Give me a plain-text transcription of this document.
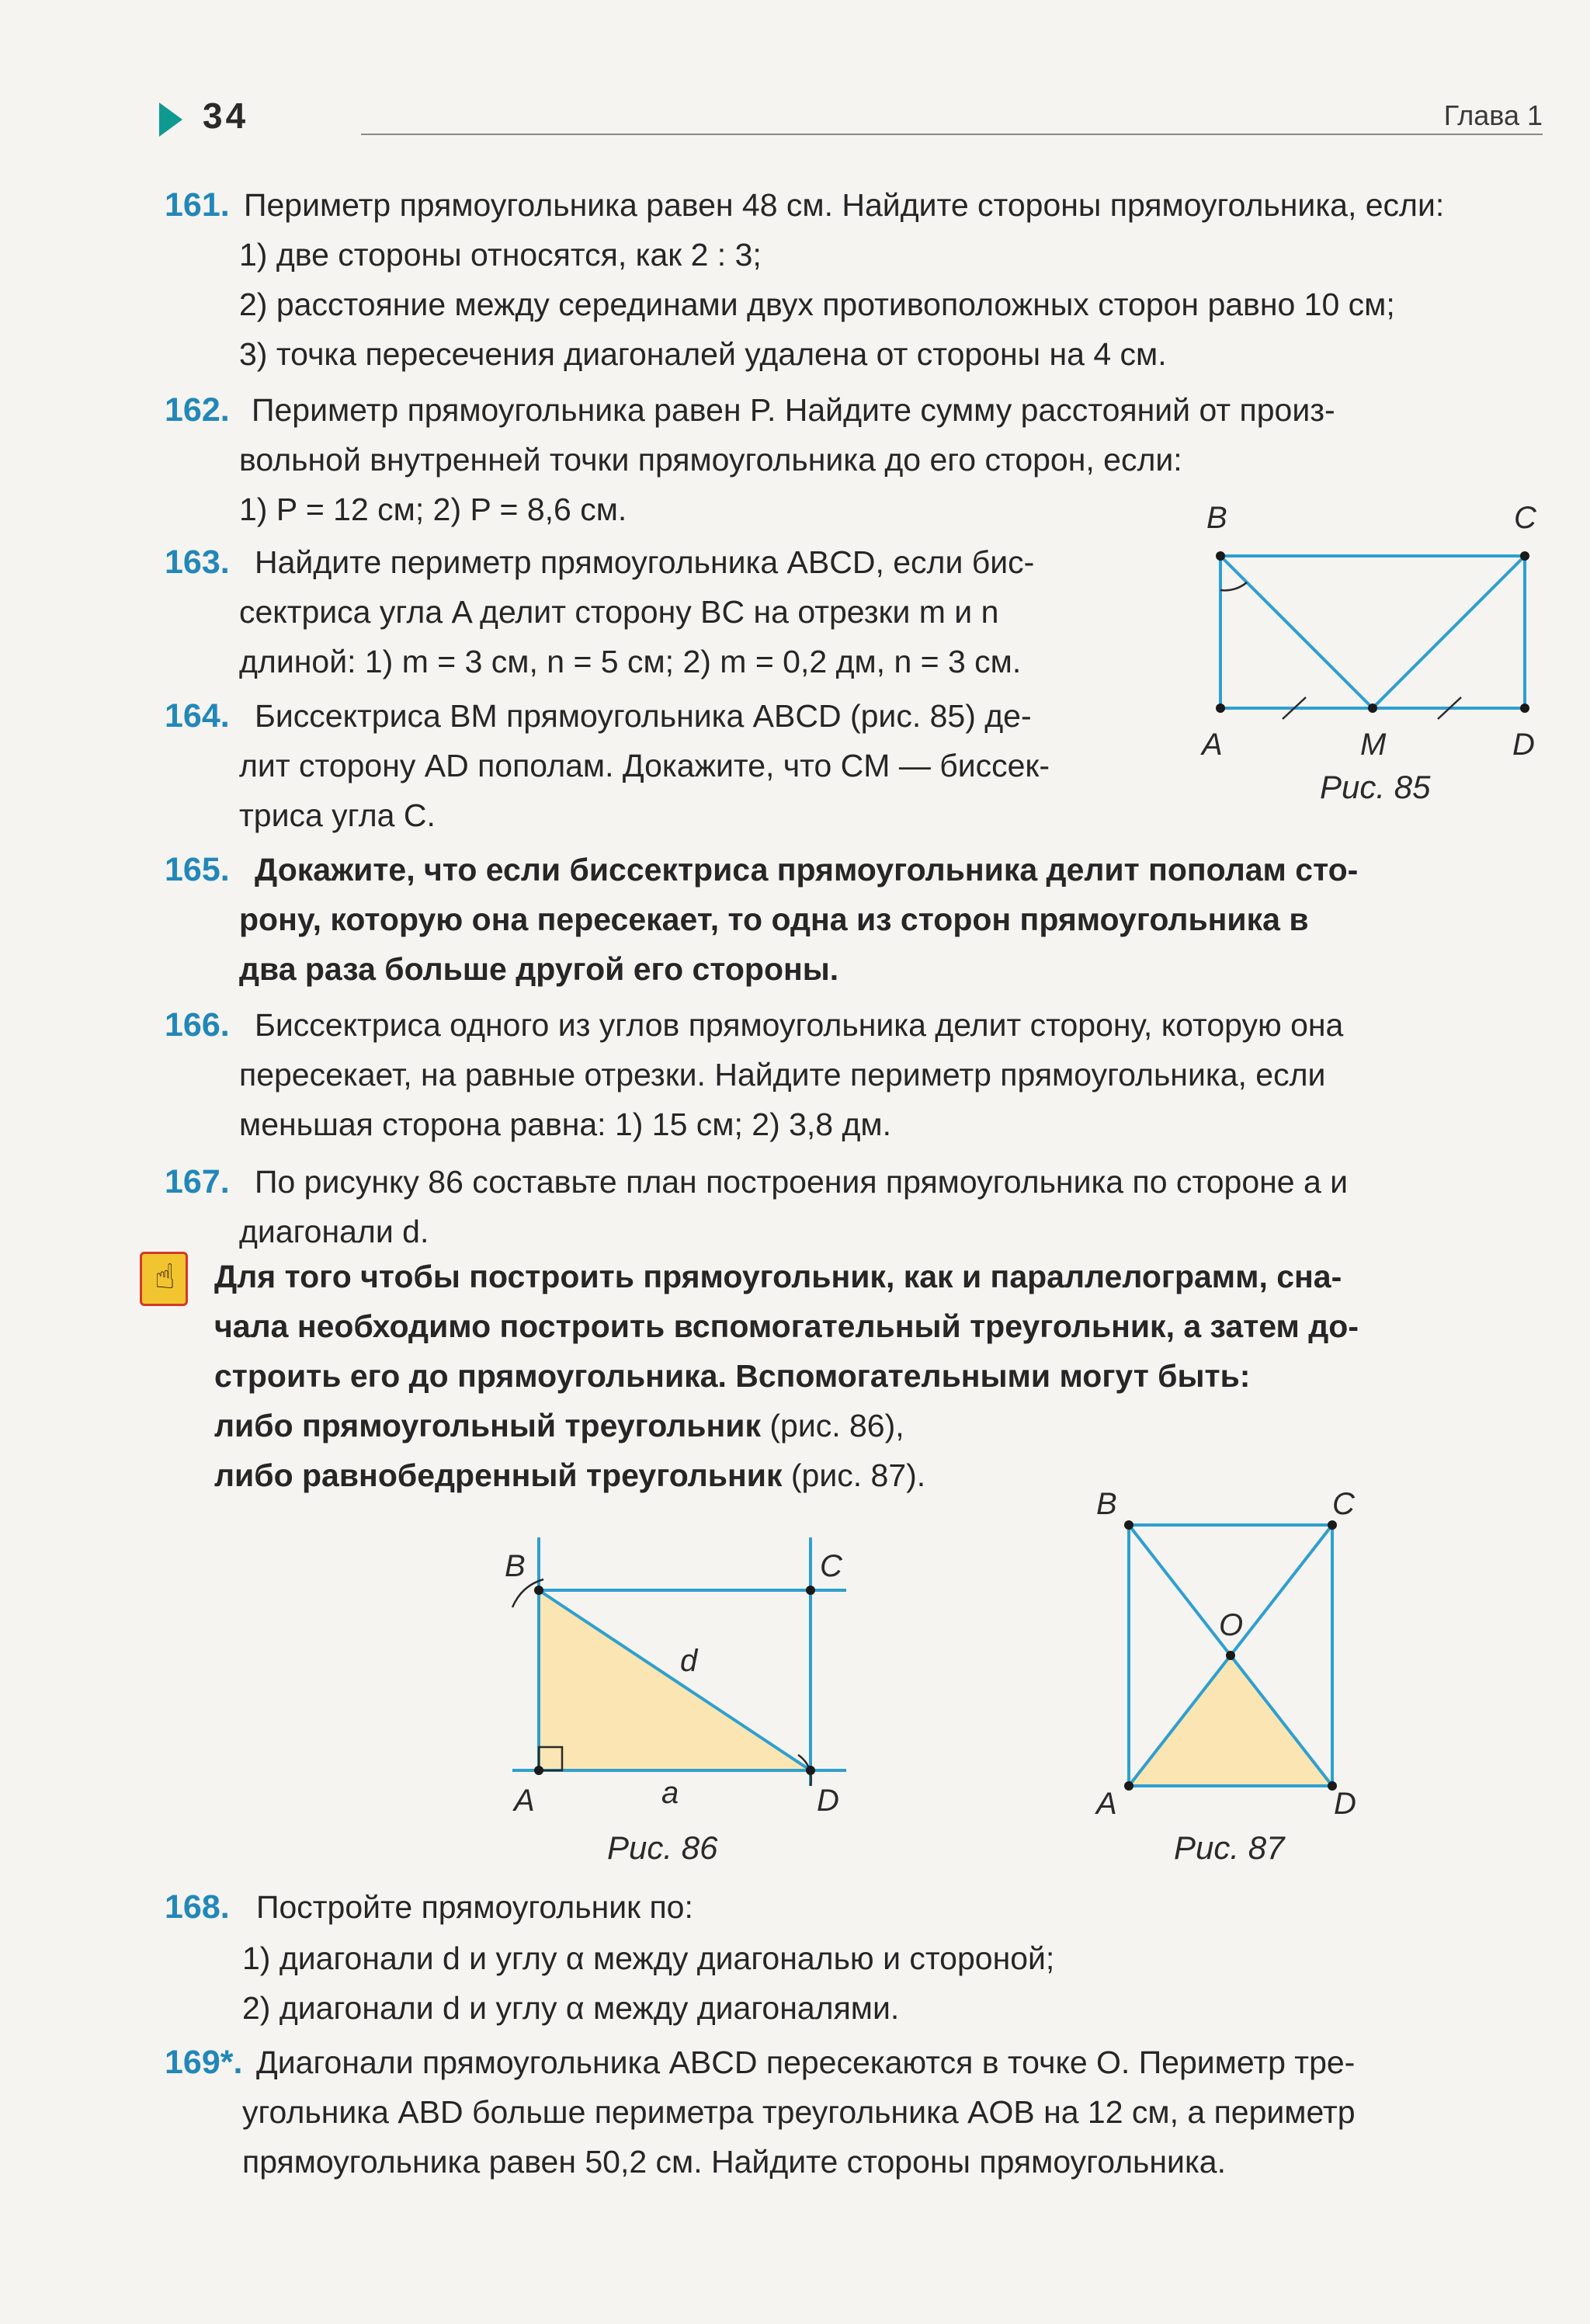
34	Глава 1
161. Периметр прямоугольника равен 48 см. Найдите стороны прямоугольника, если:
1) две стороны относятся, как 2 : 3;
2) расстояние между серединами двух противоположных сторон равно 10 см;
3) точка пересечения диагоналей удалена от стороны на 4 см.
162. Периметр прямоугольника равен P. Найдите сумму расстояний от произ-
вольной внутренней точки прямоугольника до его сторон, если:
1) P = 12 см; 2) P = 8,6 см.
163. Найдите периметр прямоугольника ABCD, если бис-
сектриса угла A делит сторону BC на отрезки m и n
длиной: 1) m = 3 см, n = 5 см; 2) m = 0,2 дм, n = 3 см.
164. Биссектриса BM прямоугольника ABCD (рис. 85) де-
лит сторону AD пополам. Докажите, что CM — биссек-
триса угла C.
B	C
A	D
M
Рис. 85
165. Докажите, что если биссектриса прямоугольника делит пополам сто-
рону, которую она пересекает, то одна из сторон прямоугольника в
два раза больше другой его стороны.
166. Биссектриса одного из углов прямоугольника делит сторону, которую она
пересекает, на равные отрезки. Найдите периметр прямоугольника, если
меньшая сторона равна: 1) 15 см; 2) 3,8 дм.
167. По рисунку 86 составьте план построения прямоугольника по стороне a и
диагонали d.
☝ Для того чтобы построить прямоугольник, как и параллелограмм, сна-
чала необходимо построить вспомогательный треугольник, а затем до-
строить его до прямоугольника. Вспомогательными могут быть:
либо прямоугольный треугольник (рис. 86),
либо равнобедренный треугольник (рис. 87).
B	C
A	D
d
a
Рис. 86
B	C
A	D
O
Рис. 87
168. Постройте прямоугольник по:
1) диагонали d и углу α между диагональю и стороной;
2) диагонали d и углу α между диагоналями.
169*. Диагонали прямоугольника ABCD пересекаются в точке O. Периметр тре-
угольника ABD больше периметра треугольника AOB на 12 см, а периметр
прямоугольника равен 50,2 см. Найдите стороны прямоугольника.
